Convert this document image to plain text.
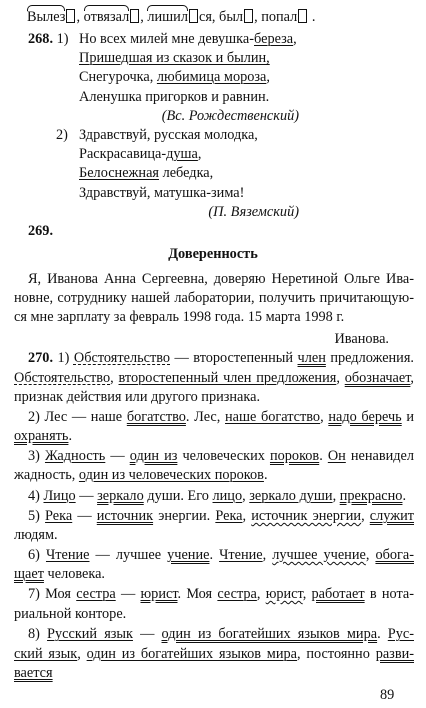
Вылез , отвязал , лишил ся, был , попал .
268. 1) Но всех милей мне девушка-береза,
Пришедшая из сказок и былин,
Снегурочка, любимица мороза,
Аленушка пригорков и равнин.
(Вс. Рождественский)
2) Здравствуй, русская молодка,
Раскрасавица-душа,
Белоснежная лебедка,
Здравствуй, матушка-зима!
(П. Вяземский)
269.
Доверенность
Я, Иванова Анна Сергеевна, доверяю Неретиной Ольге Ива-
новне, сотруднику нашей лаборатории, получить причитающую-
ся мне зарплату за февраль 1998 года. 15 марта 1998 г.
Иванова.
270. 1) Обстоятельство — второстепенный член предложения.
Обстоятельство, второстепенный член предложения, обозначает,
признак действия или другого признака.
2) Лес — наше богатство. Лес, наше богатство, надо беречь и
охранять.
3) Жадность — один из человеческих пороков. Он ненавидел
жадность, один из человеческих пороков.
4) Лицо — зеркало души. Его лицо, зеркало души, прекрасно.
5) Река — источник энергии. Река, источник энергии, служит
людям.
6) Чтение — лучшее учение. Чтение, лучшее учение, обога-
щает человека.
7) Моя сестра — юрист. Моя сестра, юрист, работает в нота-
риальной конторе.
8) Русский язык — один из богатейших языков мира. Рус-
ский язык, один из богатейших языков мира, постоянно разви-
вается
89
